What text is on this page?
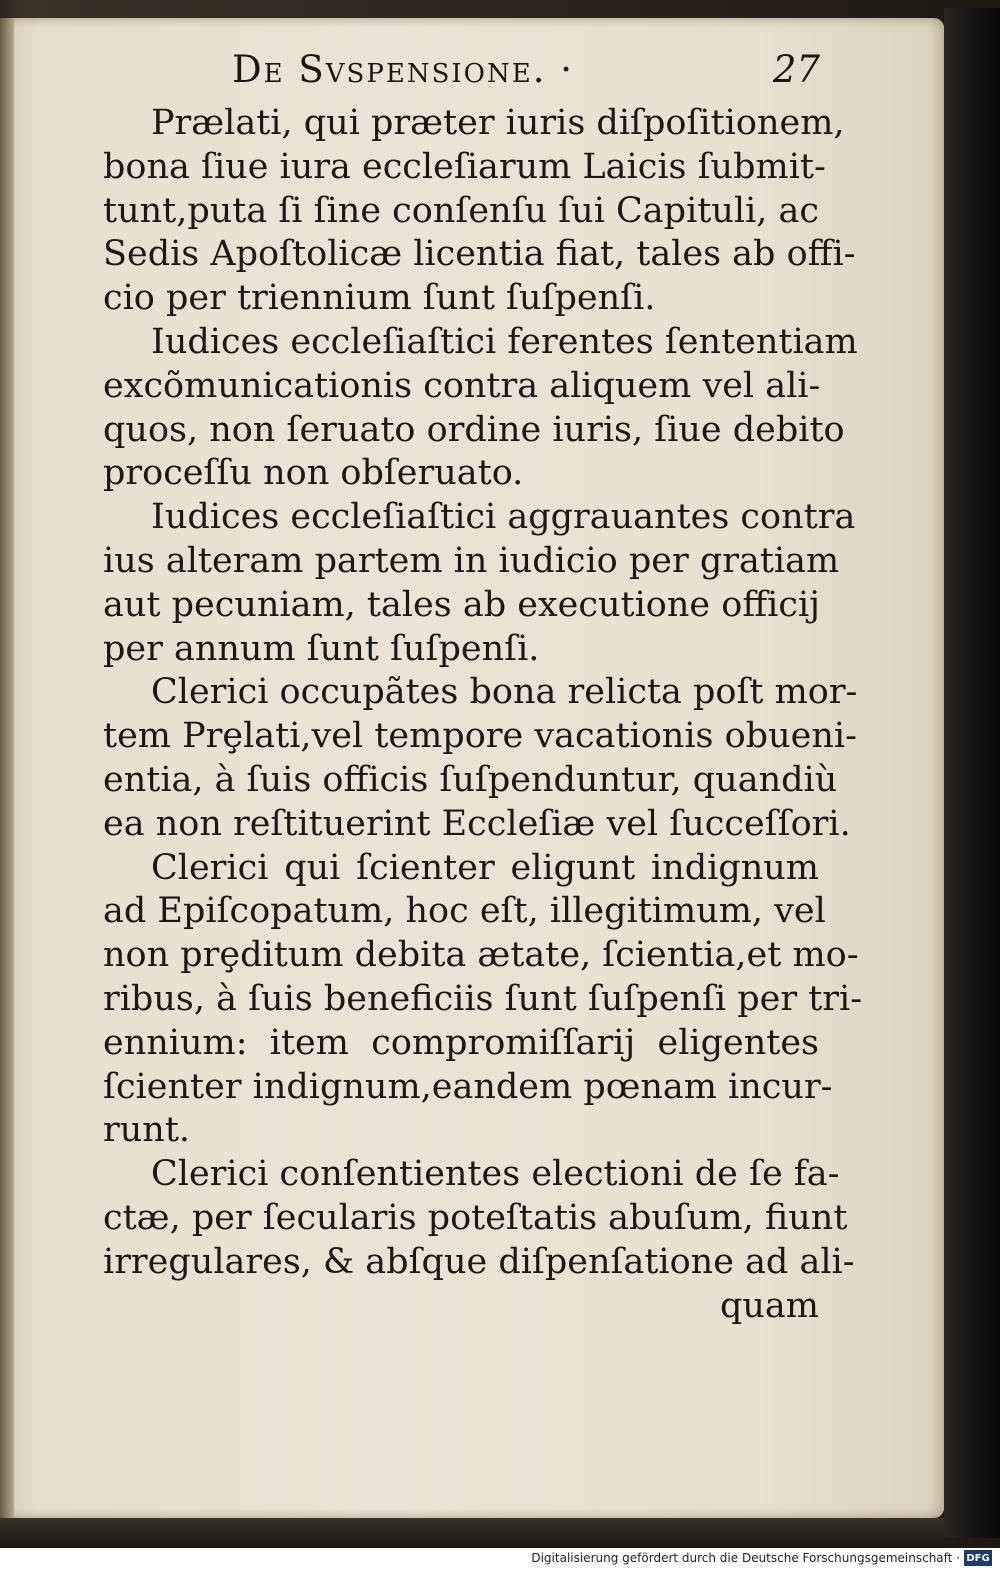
De Svspensione. ·	27

Prælati, qui præter iuris diſpoſitionem,
bona ſiue iura eccleſiarum Laicis ſubmit-
tunt,puta ſi ſine conſenſu ſui Capituli, ac
Sedis Apoſtolicæ licentia fiat, tales ab offi-
cio per triennium ſunt ſuſpenſi.

Iudices eccleſiaſtici ferentes ſententiam
excõmunicationis contra aliquem vel ali-
quos, non ſeruato ordine iuris, ſiue debito
proceſſu non obſeruato.

Iudices eccleſiaſtici aggrauantes contra
ius alteram partem in iudicio per gratiam
aut pecuniam, tales ab executione officij
per annum ſunt ſuſpenſi.

Clerici occupãtes bona relicta poſt mor-
tem Prȩlati,vel tempore vacationis obueni-
entia, à ſuis officis ſuſpenduntur, quandiù
ea non reſtituerint Eccleſiæ vel ſucceſſori.

Clerici qui ſcienter eligunt indignum
ad Epiſcopatum, hoc eſt, illegitimum, vel
non prȩditum debita ætate, ſcientia,et mo-
ribus, à ſuis beneficiis ſunt ſuſpenſi per tri-
ennium: item compromiſſarij eligentes
ſcienter indignum,eandem pœnam incur-
runt.

Clerici conſentientes electioni de ſe fa-
ctæ, per ſecularis poteſtatis abuſum, fiunt
irregulares, & abſque diſpenſatione ad ali-

quam
Digitalisierung gefördert durch die Deutsche Forschungsgemeinschaft · DFG
